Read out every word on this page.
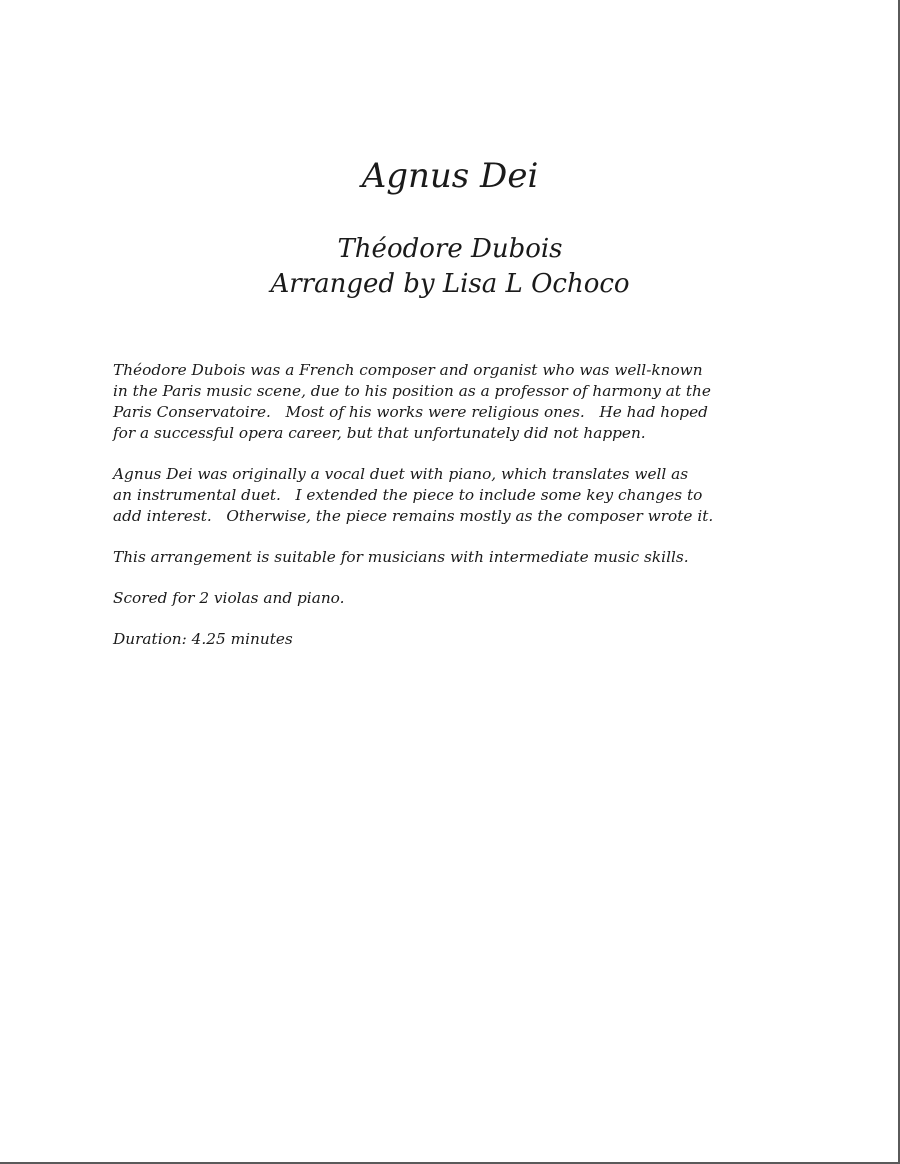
Agnus Dei
Théodore Dubois
Arranged by Lisa L Ochoco
Théodore Dubois was a French composer and organist who was well-known
in the Paris music scene, due to his position as a professor of harmony at the
Paris Conservatoire.   Most of his works were religious ones.   He had hoped
for a successful opera career, but that unfortunately did not happen.
Agnus Dei was originally a vocal duet with piano, which translates well as
an instrumental duet.   I extended the piece to include some key changes to
add interest.   Otherwise, the piece remains mostly as the composer wrote it.
This arrangement is suitable for musicians with intermediate music skills.
Scored for 2 violas and piano.
Duration: 4.25 minutes
